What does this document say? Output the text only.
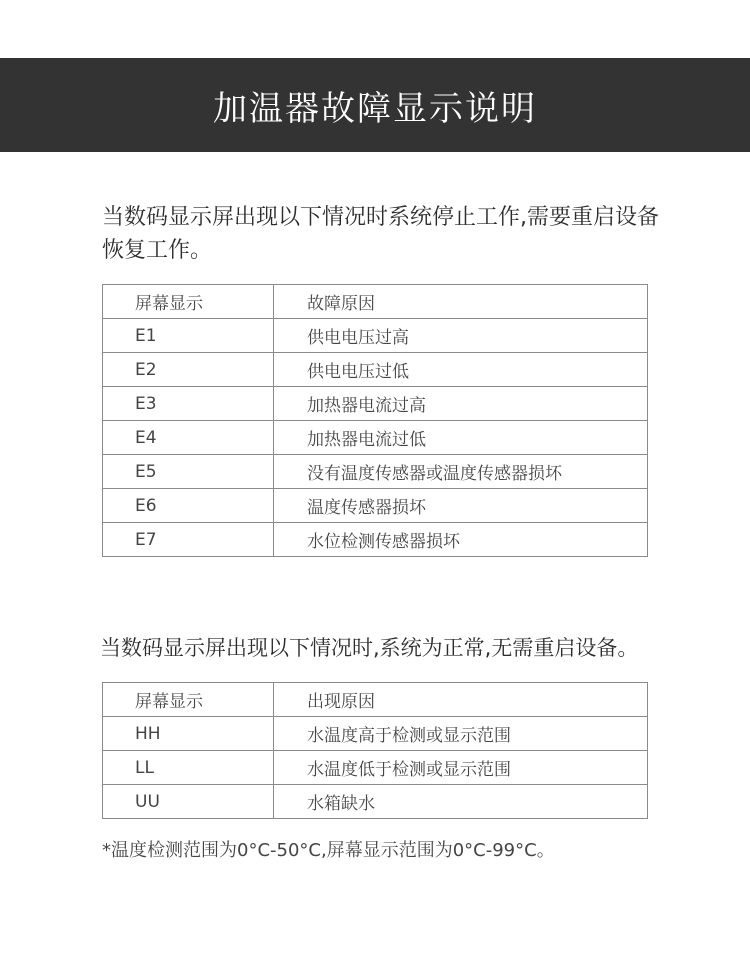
加温器故障显示说明

当数码显示屏出现以下情况时系统停止工作,需要重启设备恢复工作。

屏幕显示	故障原因
E1	供电电压过高
E2	供电电压过低
E3	加热器电流过高
E4	加热器电流过低
E5	没有温度传感器或温度传感器损坏
E6	温度传感器损坏
E7	水位检测传感器损坏

当数码显示屏出现以下情况时,系统为正常,无需重启设备。

屏幕显示	出现原因
HH	水温度高于检测或显示范围
LL	水温度低于检测或显示范围
UU	水箱缺水

*温度检测范围为0°C-50°C,屏幕显示范围为0°C-99°C。
